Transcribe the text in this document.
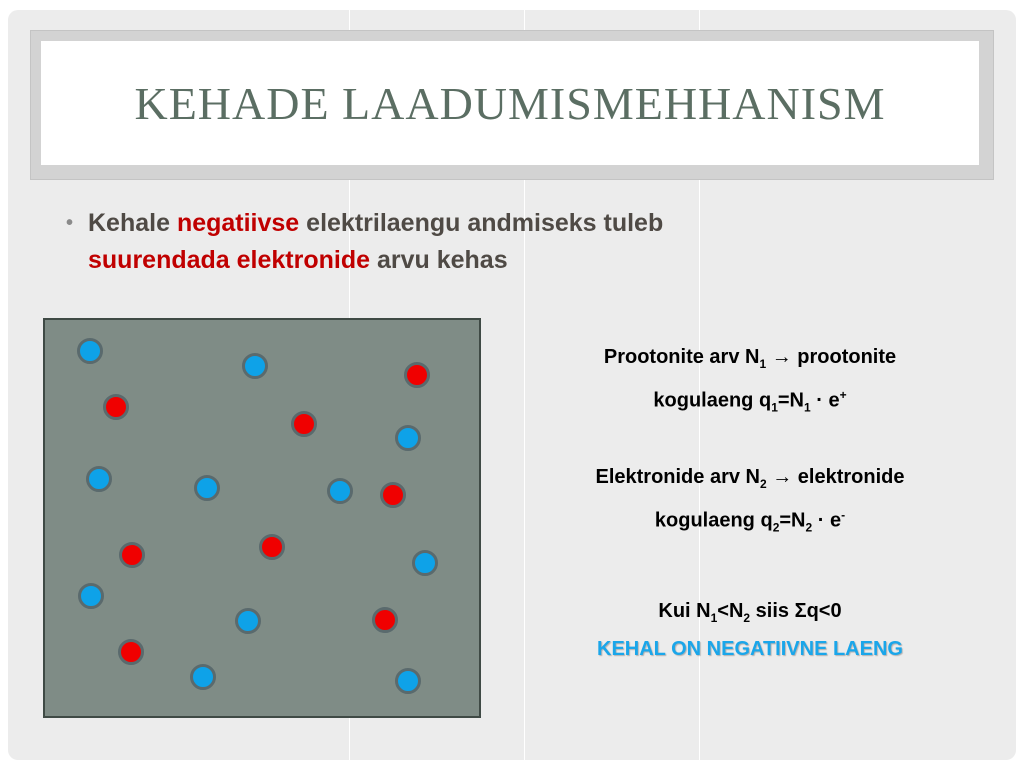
KEHADE LAADUMISMEHHANISM
• Kehale negatiivse elektrilaengu andmiseks tuleb
suurendada elektronide arvu kehas
Prootonite arv $N_1$ → prootonite
kogulaeng $q_1=N_1 \cdot e^+$
Elektronide arv $N_2$ → elektronide
kogulaeng $q_2=N_2 \cdot e^-$
Kui $N_1<N_2$ siis Σq<0
KEHAL ON NEGATIIVNE LAENG
